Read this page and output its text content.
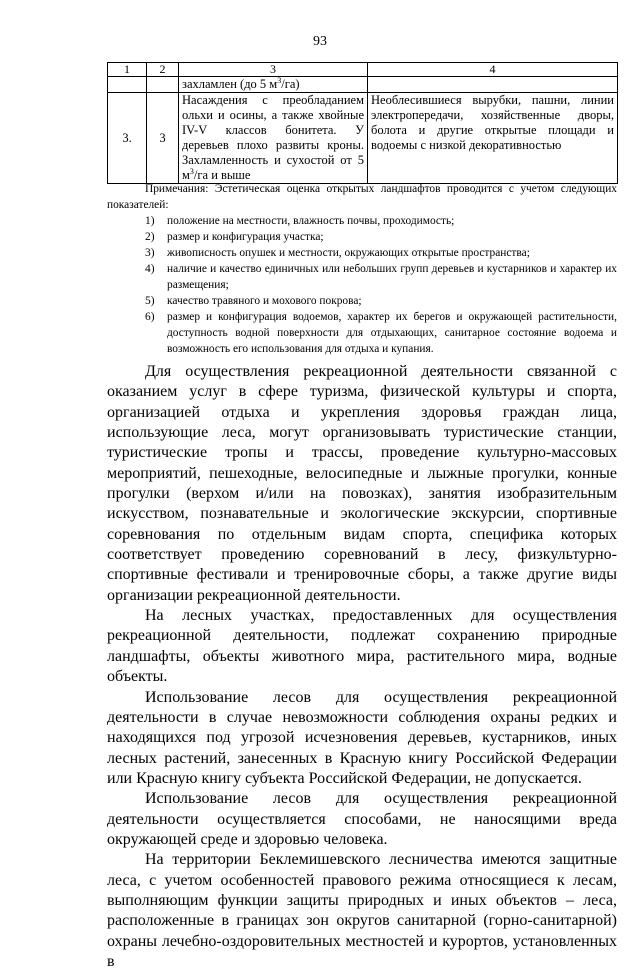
93
1	2	3	4
		захламлен (до 5 $м^3/га$)	
3.	3	Насаждения с преобладанием ольхи и осины, а также хвойные IV-V классов бонитета. У деревьев плохо развиты кроны. Захламленность и сухостой от 5 $м^3/га$ и выше	Необлесившиеся вырубки, пашни, линии электропередачи, хозяйственные дворы, болота и другие открытые площади и водоемы с низкой декоративностью
Примечания: Эстетическая оценка открытых ландшафтов проводится с учетом следующих показателей:
1) положение на местности, влажность почвы, проходимость;
2) размер и конфигурация участка;
3) живописность опушек и местности, окружающих открытые пространства;
4) наличие и качество единичных или небольших групп деревьев и кустарников и характер их размещения;
5) качество травяного и мохового покрова;
6) размер и конфигурация водоемов, характер их берегов и окружающей растительности, доступность водной поверхности для отдыхающих, санитарное состояние водоема и возможность его использования для отдыха и купания.

Для осуществления рекреационной деятельности связанной с оказанием услуг в сфере туризма, физической культуры и спорта, организацией отдыха и укрепления здоровья граждан лица, использующие леса, могут организовывать туристические станции, туристические тропы и трассы, проведение культурно-массовых мероприятий, пешеходные, велосипедные и лыжные прогулки, конные прогулки (верхом и/или на повозках), занятия изобразительным искусством, познавательные и экологические экскурсии, спортивные соревнования по отдельным видам спорта, специфика которых соответствует проведению соревнований в лесу, физкультурно-спортивные фестивали и тренировочные сборы, а также другие виды организации рекреационной деятельности.

На лесных участках, предоставленных для осуществления рекреационной деятельности, подлежат сохранению природные ландшафты, объекты животного мира, растительного мира, водные объекты.

Использование лесов для осуществления рекреационной деятельности в случае невозможности соблюдения охраны редких и находящихся под угрозой исчезновения деревьев, кустарников, иных лесных растений, занесенных в Красную книгу Российской Федерации или Красную книгу субъекта Российской Федерации, не допускается.

Использование лесов для осуществления рекреационной деятельности осуществляется способами, не наносящими вреда окружающей среде и здоровью человека.

На территории Беклемишевского лесничества имеются защитные леса, с учетом особенностей правового режима относящиеся к лесам, выполняющим функции защиты природных и иных объектов – леса, расположенные в границах зон округов санитарной (горно-санитарной) охраны лечебно-оздоровительных местностей и курортов, установленных в
